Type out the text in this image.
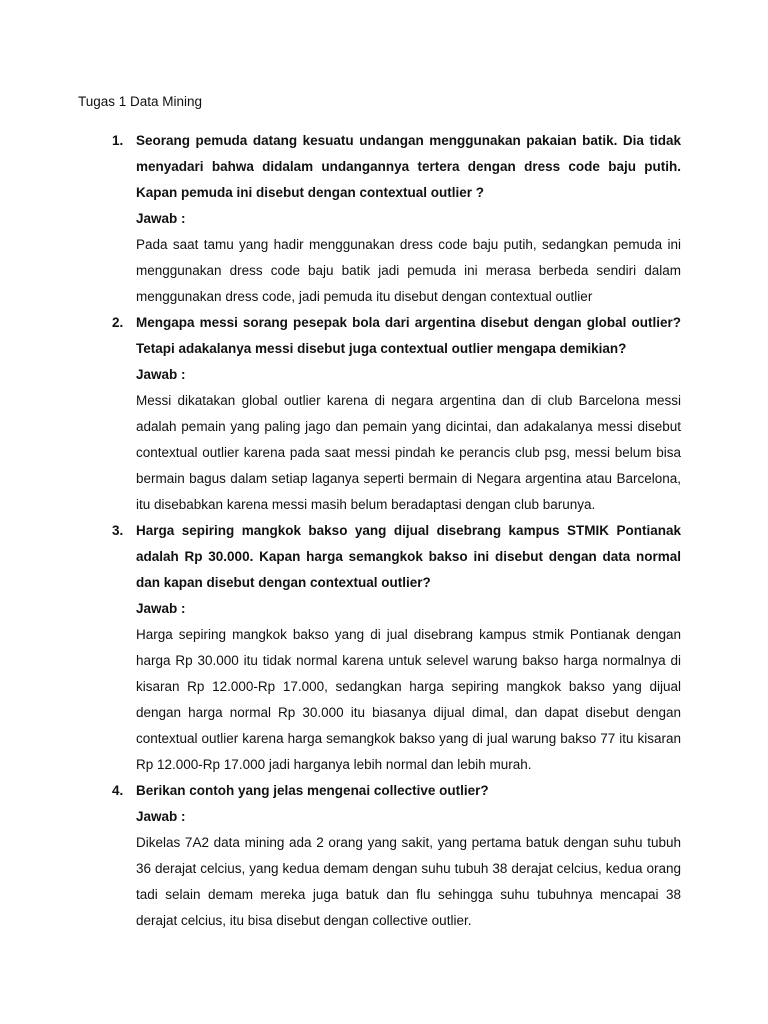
Tugas 1 Data Mining
1. Seorang pemuda datang kesuatu undangan menggunakan pakaian batik. Dia tidak menyadari bahwa didalam undangannya tertera dengan dress code baju putih. Kapan pemuda ini disebut dengan contextual outlier ?

Jawab :

Pada saat tamu yang hadir menggunakan dress code baju putih, sedangkan pemuda ini menggunakan dress code baju batik jadi pemuda ini merasa berbeda sendiri dalam menggunakan dress code, jadi pemuda itu disebut dengan contextual outlier

2. Mengapa messi sorang pesepak bola dari argentina disebut dengan global outlier? Tetapi adakalanya messi disebut juga contextual outlier mengapa demikian?

Jawab :

Messi dikatakan global outlier karena di negara argentina dan di club Barcelona messi adalah pemain yang paling jago dan pemain yang dicintai, dan adakalanya messi disebut contextual outlier karena pada saat messi pindah ke perancis club psg, messi belum bisa bermain bagus dalam setiap laganya seperti bermain di Negara argentina atau Barcelona, itu disebabkan karena messi masih belum beradaptasi dengan club barunya.

3. Harga sepiring mangkok bakso yang dijual disebrang kampus STMIK Pontianak adalah Rp 30.000. Kapan harga semangkok bakso ini disebut dengan data normal dan kapan disebut dengan contextual outlier?

Jawab :

Harga sepiring mangkok bakso yang di jual disebrang kampus stmik Pontianak dengan harga Rp 30.000 itu tidak normal karena untuk selevel warung bakso harga normalnya di kisaran Rp 12.000-Rp 17.000, sedangkan harga sepiring mangkok bakso yang dijual dengan harga normal Rp 30.000 itu biasanya dijual dimal, dan dapat disebut dengan contextual outlier karena harga semangkok bakso yang di jual warung bakso 77 itu kisaran Rp 12.000-Rp 17.000 jadi harganya lebih normal dan lebih murah.

4. Berikan contoh yang jelas mengenai collective outlier?

Jawab :

Dikelas 7A2 data mining ada 2 orang yang sakit, yang pertama batuk dengan suhu tubuh 36 derajat celcius, yang kedua demam dengan suhu tubuh 38 derajat celcius, kedua orang tadi selain demam mereka juga batuk dan flu sehingga suhu tubuhnya mencapai 38 derajat celcius, itu bisa disebut dengan collective outlier.
